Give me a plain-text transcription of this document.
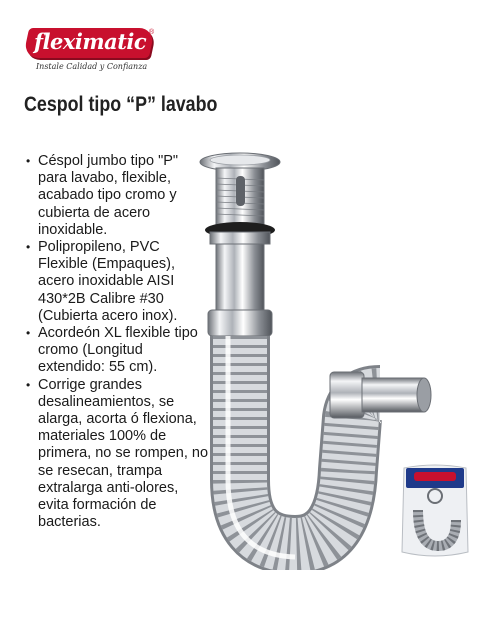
fleximatic ®
Instale Calidad y Confianza
Cespol tipo “P” lavabo
• Céspol jumbo tipo "P" para lavabo, flexible, acabado tipo cromo y cubierta de acero inoxidable.
• Polipropileno, PVC Flexible (Empaques), acero inoxidable AISI 430*2B Calibre #30 (Cubierta acero inox).
• Acordeón XL flexible tipo cromo (Longitud extendido: 55 cm).
• Corrige grandes desalineamientos, se alarga, acorta ó flexiona, materiales 100% de primera, no se rompen, no se resecan, trampa extralarga anti-olores, evita formación de bacterias.
